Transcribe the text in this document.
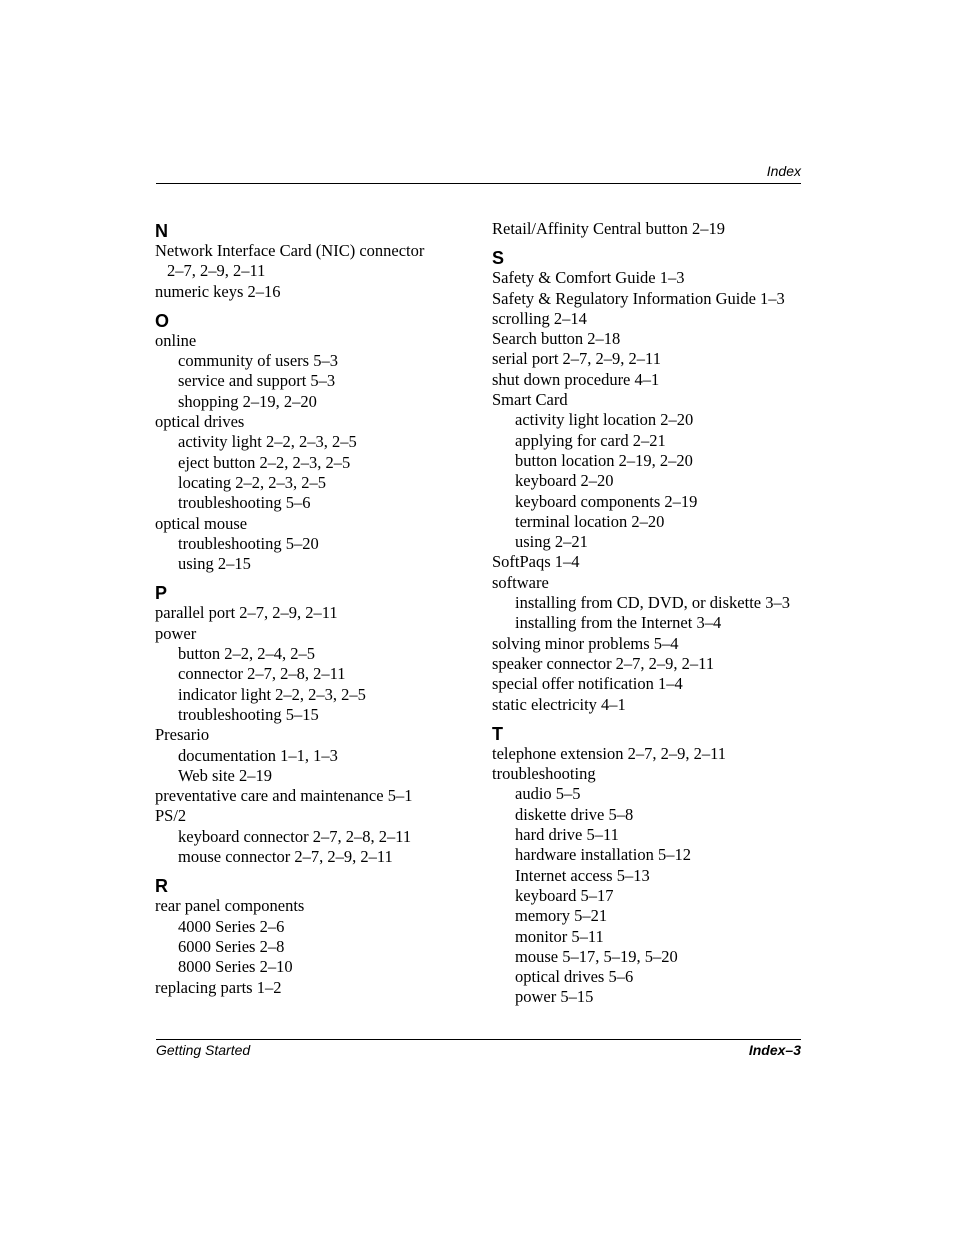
Index
N
Network Interface Card (NIC) connector
2–7, 2–9, 2–11
numeric keys 2–16
O
online
community of users 5–3
service and support 5–3
shopping 2–19, 2–20
optical drives
activity light 2–2, 2–3, 2–5
eject button 2–2, 2–3, 2–5
locating 2–2, 2–3, 2–5
troubleshooting 5–6
optical mouse
troubleshooting 5–20
using 2–15
P
parallel port 2–7, 2–9, 2–11
power
button 2–2, 2–4, 2–5
connector 2–7, 2–8, 2–11
indicator light 2–2, 2–3, 2–5
troubleshooting 5–15
Presario
documentation 1–1, 1–3
Web site 2–19
preventative care and maintenance 5–1
PS/2
keyboard connector 2–7, 2–8, 2–11
mouse connector 2–7, 2–9, 2–11
R
rear panel components
4000 Series 2–6
6000 Series 2–8
8000 Series 2–10
replacing parts 1–2
Retail/Affinity Central button 2–19
S
Safety & Comfort Guide 1–3
Safety & Regulatory Information Guide 1–3
scrolling 2–14
Search button 2–18
serial port 2–7, 2–9, 2–11
shut down procedure 4–1
Smart Card
activity light location 2–20
applying for card 2–21
button location 2–19, 2–20
keyboard 2–20
keyboard components 2–19
terminal location 2–20
using 2–21
SoftPaqs 1–4
software
installing from CD, DVD, or diskette 3–3
installing from the Internet 3–4
solving minor problems 5–4
speaker connector 2–7, 2–9, 2–11
special offer notification 1–4
static electricity 4–1
T
telephone extension 2–7, 2–9, 2–11
troubleshooting
audio 5–5
diskette drive 5–8
hard drive 5–11
hardware installation 5–12
Internet access 5–13
keyboard 5–17
memory 5–21
monitor 5–11
mouse 5–17, 5–19, 5–20
optical drives 5–6
power 5–15
Getting Started	Index–3
